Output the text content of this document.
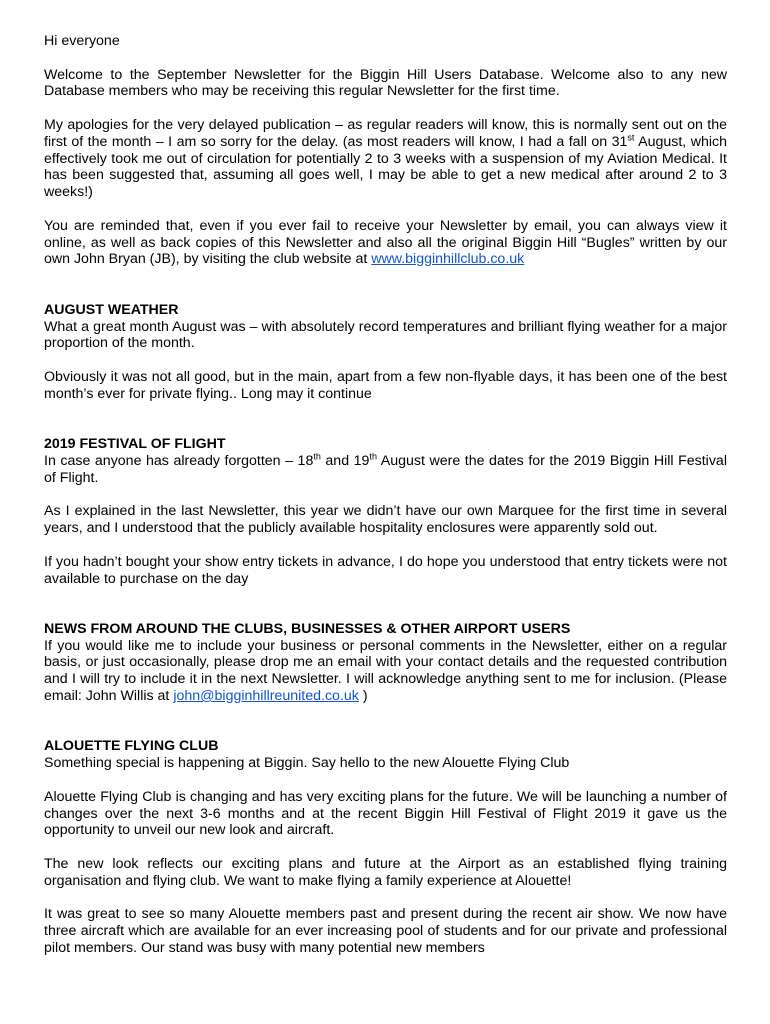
Hi everyone

Welcome to the September Newsletter for the Biggin Hill Users Database. Welcome also to any new Database members who may be receiving this regular Newsletter for the first time.

My apologies for the very delayed publication – as regular readers will know, this is normally sent out on the first of the month – I am so sorry for the delay. (as most readers will know, I had a fall on 31st August, which effectively took me out of circulation for potentially 2 to 3 weeks with a suspension of my Aviation Medical. It has been suggested that, assuming all goes well, I may be able to get a new medical after around 2 to 3 weeks!)

You are reminded that, even if you ever fail to receive your Newsletter by email, you can always view it online, as well as back copies of this Newsletter and also all the original Biggin Hill “Bugles” written by our own John Bryan (JB), by visiting the club website at www.bigginhillclub.co.uk

AUGUST WEATHER

What a great month August was – with absolutely record temperatures and brilliant flying weather for a major proportion of the month.

Obviously it was not all good, but in the main, apart from a few non-flyable days, it has been one of the best month’s ever for private flying.. Long may it continue

2019 FESTIVAL OF FLIGHT

In case anyone has already forgotten – 18th and 19th August were the dates for the 2019 Biggin Hill Festival of Flight.

As I explained in the last Newsletter, this year we didn’t have our own Marquee for the first time in several years, and I understood that the publicly available hospitality enclosures were apparently sold out.

If you hadn’t bought your show entry tickets in advance, I do hope you understood that entry tickets were not available to purchase on the day

NEWS FROM AROUND THE CLUBS, BUSINESSES & OTHER AIRPORT USERS

If you would like me to include your business or personal comments in the Newsletter, either on a regular basis, or just occasionally, please drop me an email with your contact details and the requested contribution and I will try to include it in the next Newsletter. I will acknowledge anything sent to me for inclusion. (Please email: John Willis at john@bigginhillreunited.co.uk )

ALOUETTE FLYING CLUB

Something special is happening at Biggin. Say hello to the new Alouette Flying Club

Alouette Flying Club is changing and has very exciting plans for the future. We will be launching a number of changes over the next 3-6 months and at the recent Biggin Hill Festival of Flight 2019 it gave us the opportunity to unveil our new look and aircraft.

The new look reflects our exciting plans and future at the Airport as an established flying training organisation and flying club. We want to make flying a family experience at Alouette!

It was great to see so many Alouette members past and present during the recent air show. We now have three aircraft which are available for an ever increasing pool of students and for our private and professional pilot members. Our stand was busy with many potential new members
